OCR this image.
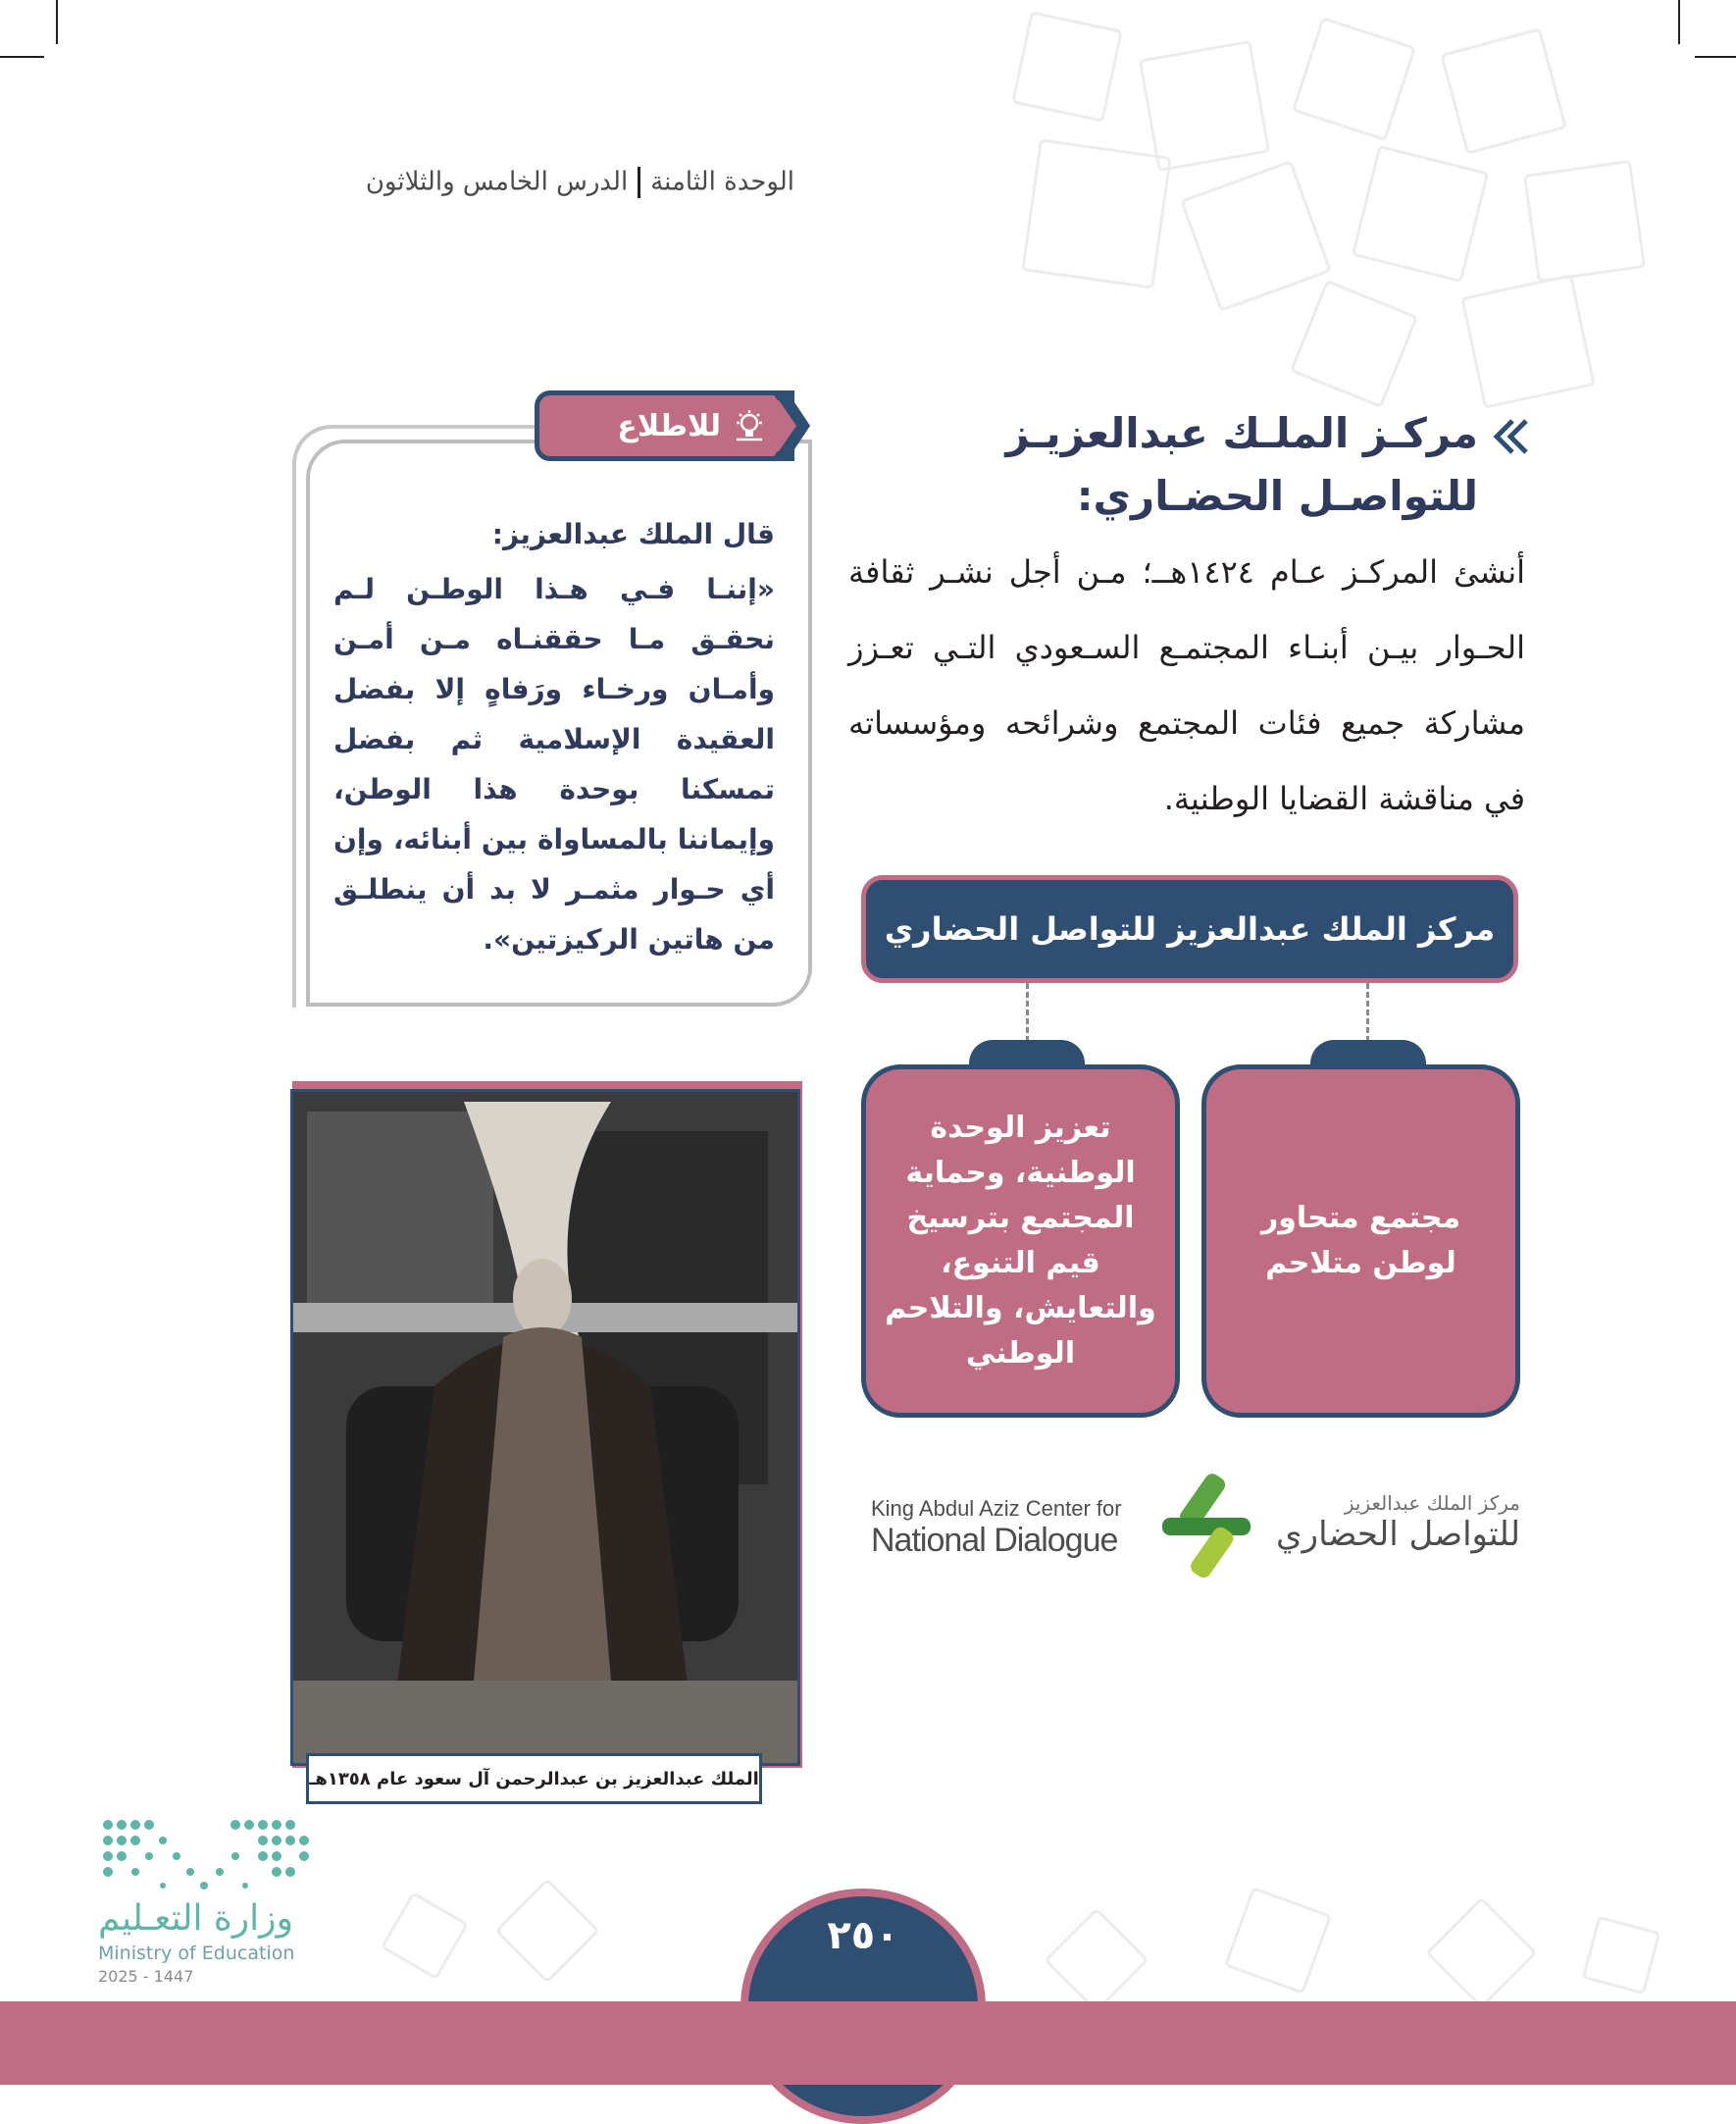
الوحدة الثامنةالدرس الخامس والثلاثون
مركـز الملـك عبدالعزيـز للتواصـل الحضـاري:
أنشئ المركـز عـام ١٤٢٤هــ؛ مـن أجل نشـر ثقافة الحـوار بيـن أبنـاء المجتمـع السـعودي التـي تعـزز مشاركة جميع فئات المجتمع وشرائحه ومؤسساته في مناقشة القضايا الوطنية.
مركز الملك عبدالعزيز للتواصل الحضاري
مجتمع متحاور لوطن متلاحم
تعزيز الوحدة الوطنية، وحماية المجتمع بترسيخ قيم التنوع، والتعايش، والتلاحم الوطني
King Abdul Aziz Center for
National Dialogue
مركز الملك عبدالعزيز
للتواصل الحضاري
للاطلاع
قال الملك عبدالعزيز:
«إننـا فـي هـذا الوطـن لـم نحقـق مـا حققنـاه مـن أمـن وأمـان ورخـاء ورَفاهٍ إلا بفضل العقيدة الإسلامية ثم بفضل تمسكنا بوحدة هذا الوطن، وإيماننا بالمساواة بين أبنائه، وإن أي حـوار مثمـر لا بد أن ينطلـق من هاتين الركيزتين».
الملك عبدالعزيز بن عبدالرحمن آل سعود عام ١٣٥٨هـ
وزارة التعـليم
Ministry of Education
2025 - 1447
٢٥٠
